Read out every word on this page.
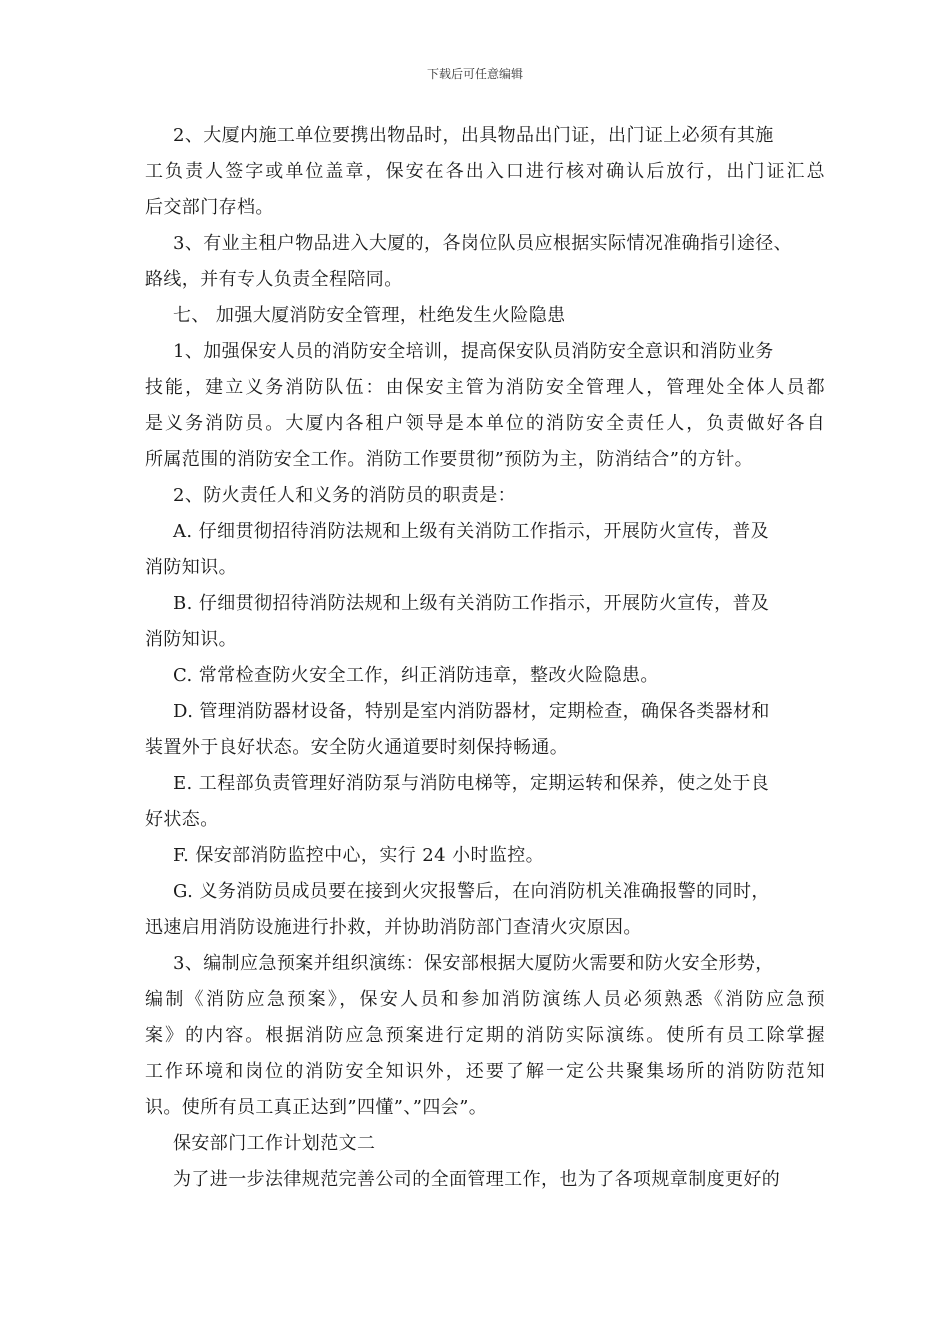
下载后可任意编辑
2、大厦内施工单位要携出物品时，出具物品出门证，出门证上必须有其施
工负责人签字或单位盖章，保安在各出入口进行核对确认后放行，出门证汇总
后交部门存档。
3、有业主租户物品进入大厦的，各岗位队员应根据实际情况准确指引途径、
路线，并有专人负责全程陪同。
七、 加强大厦消防安全管理，杜绝发生火险隐患
1、加强保安人员的消防安全培训，提高保安队员消防安全意识和消防业务
技能，建立义务消防队伍：由保安主管为消防安全管理人，管理处全体人员都
是义务消防员。大厦内各租户领导是本单位的消防安全责任人，负责做好各自
所属范围的消防安全工作。消防工作要贯彻”预防为主，防消结合”的方针。
2、防火责任人和义务的消防员的职责是：
A. 仔细贯彻招待消防法规和上级有关消防工作指示，开展防火宣传，普及
消防知识。
B. 仔细贯彻招待消防法规和上级有关消防工作指示，开展防火宣传，普及
消防知识。
C. 常常检查防火安全工作，纠正消防违章，整改火险隐患。
D. 管理消防器材设备，特别是室内消防器材，定期检查，确保各类器材和
装置外于良好状态。安全防火通道要时刻保持畅通。
E. 工程部负责管理好消防泵与消防电梯等，定期运转和保养，使之处于良
好状态。
F. 保安部消防监控中心，实行 24 小时监控。
G. 义务消防员成员要在接到火灾报警后，在向消防机关准确报警的同时，
迅速启用消防设施进行扑救，并协助消防部门查清火灾原因。
3、编制应急预案并组织演练：保安部根据大厦防火需要和防火安全形势，
编制《消防应急预案》，保安人员和参加消防演练人员必须熟悉《消防应急预
案》的内容。根据消防应急预案进行定期的消防实际演练。使所有员工除掌握
工作环境和岗位的消防安全知识外，还要了解一定公共聚集场所的消防防范知
识。使所有员工真正达到”四懂”、”四会”。
保安部门工作计划范文二
为了进一步法律规范完善公司的全面管理工作，也为了各项规章制度更好的
